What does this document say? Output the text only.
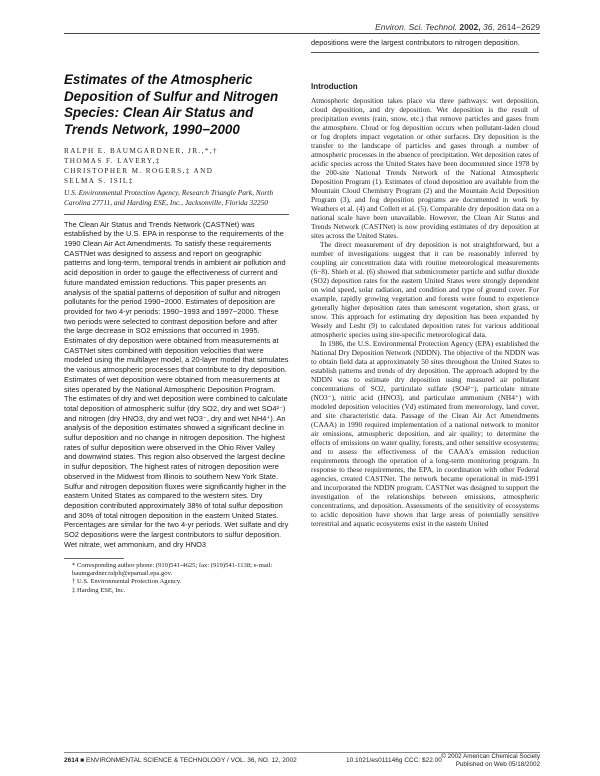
Environ. Sci. Technol. 2002, 36, 2614−2629
Estimates of the Atmospheric Deposition of Sulfur and Nitrogen Species: Clean Air Status and Trends Network, 1990−2000
RALPH E. BAUMGARDNER, JR.,*,†
THOMAS F. LAVERY,‡
CHRISTOPHER M. ROGERS,‡ AND
SELMA S. ISIL‡
U.S. Environmental Protection Agency, Research Triangle Park, North Carolina 27711, and Harding ESE, Inc., Jacksonville, Florida 32250
The Clean Air Status and Trends Network (CASTNet) was established by the U.S. EPA in response to the requirements of the 1990 Clean Air Act Amendments. To satisfy these requirements CASTNet was designed to assess and report on geographic patterns and long-term, temporal trends in ambient air pollution and acid deposition in order to gauge the effectiveness of current and future mandated emission reductions. This paper presents an analysis of the spatial patterns of deposition of sulfur and nitrogen pollutants for the period 1990−2000. Estimates of deposition are provided for two 4-yr periods: 1990−1993 and 1997−2000. These two periods were selected to contrast deposition before and after the large decrease in SO2 emissions that occurred in 1995. Estimates of dry deposition were obtained from measurements at CASTNet sites combined with deposition velocities that were modeled using the multilayer model, a 20-layer model that simulates the various atmospheric processes that contribute to dry deposition. Estimates of wet deposition were obtained from measurements at sites operated by the National Atmospheric Deposition Program. The estimates of dry and wet deposition were combined to calculate total deposition of atmospheric sulfur (dry SO2, dry and wet SO4²⁻) and nitrogen (dry HNO3, dry and wet NO3⁻, dry and wet NH4⁺). An analysis of the deposition estimates showed a significant decline in sulfur deposition and no change in nitrogen deposition. The highest rates of sulfur deposition were observed in the Ohio River Valley and downwind states. This region also observed the largest decline in sulfur deposition. The highest rates of nitrogen deposition were observed in the Midwest from Illinois to southern New York State. Sulfur and nitrogen deposition fluxes were significantly higher in the eastern United States as compared to the western sites. Dry deposition contributed approximately 38% of total sulfur deposition and 30% of total nitrogen deposition in the eastern United States. Percentages are similar for the two 4-yr periods. Wet sulfate and dry SO2 depositions were the largest contributors to sulfur deposition. Wet nitrate, wet ammonium, and dry HNO3
* Corresponding author phone: (919)541-4625; fax: (919)541-1138; e-mail: baumgardner.ralph@epamail.epa.gov.
† U.S. Environmental Protection Agency.
‡ Harding ESE, Inc.
depositions were the largest contributors to nitrogen deposition.
Introduction

Atmospheric deposition takes place via three pathways: wet deposition, cloud deposition, and dry deposition. Wet deposition is the result of precipitation events (rain, snow, etc.) that remove particles and gases from the atmosphere. Cloud or fog deposition occurs when pollutant-laden cloud or fog droplets impact vegetation or other surfaces. Dry deposition is the transfer to the landscape of particles and gases through a number of atmospheric processes in the absence of precipitation. Wet deposition rates of acidic species across the United States have been documented since 1978 by the 200-site National Trends Network of the National Atmospheric Deposition Program (1). Estimates of cloud deposition are available from the Mountain Cloud Chemistry Program (2) and the Mountain Acid Deposition Program (3), and fog deposition programs are documented in work by Weathers et al. (4) and Collett et al. (5). Comparable dry deposition data on a national scale have been unavailable. However, the Clean Air Status and Trends Network (CASTNet) is now providing estimates of dry deposition at sites across the United States.

The direct measurement of dry deposition is not straightforward, but a number of investigations suggest that it can be reasonably inferred by coupling air concentration data with routine meteorological measurements (6−8). Shieh et al. (6) showed that submicrometer particle and sulfur dioxide (SO2) deposition rates for the eastern United States were strongly dependent on wind speed, solar radiation, and condition and type of ground cover. For example, rapidly growing vegetation and forests were found to experience generally higher deposition rates than senescent vegetation, short grass, or snow. This approach for estimating dry deposition has been expanded by Wesely and Lesht (9) to calculated deposition rates for various additional atmospheric species using site-specific meteorological data.

In 1986, the U.S. Environmental Protection Agency (EPA) established the National Dry Deposition Network (NDDN). The objective of the NDDN was to obtain field data at approximately 50 sites throughout the United States to establish patterns and trends of dry deposition. The approach adopted by the NDDN was to estimate dry deposition using measured air pollutant concentrations of SO2, particulate sulfate (SO4²⁻), particulate nitrate (NO3⁻), nitric acid (HNO3), and particulate ammonium (NH4⁺) with modeled deposition velocities (Vd) estimated from meteorology, land cover, and site characteristic data. Passage of the Clean Air Act Amendments (CAAA) in 1990 required implementation of a national network to monitor air emissions, atmospheric deposition, and air quality; to determine the effects of emissions on water quality, forests, and other sensitive ecosystems; and to assess the effectiveness of the CAAA's emission reduction requirements through the operation of a long-term monitoring program. In response to these requirements, the EPA, in coordination with other Federal agencies, created CASTNet. The network became operational in mid-1991 and incorporated the NDDN program. CASTNet was designed to support the investigation of the relationships between emissions, atmospheric concentrations, and deposition. Assessments of the sensitivity of ecosystems to acidic deposition have shown that large areas of potentially sensitive terrestrial and aquatic ecosystems exist in the eastern United

2614 ■ ENVIRONMENTAL SCIENCE & TECHNOLOGY / VOL. 36, NO. 12, 2002	10.1021/es011146g CCC: $22.00
© 2002 American Chemical Society
Published on Web 05/18/2002
